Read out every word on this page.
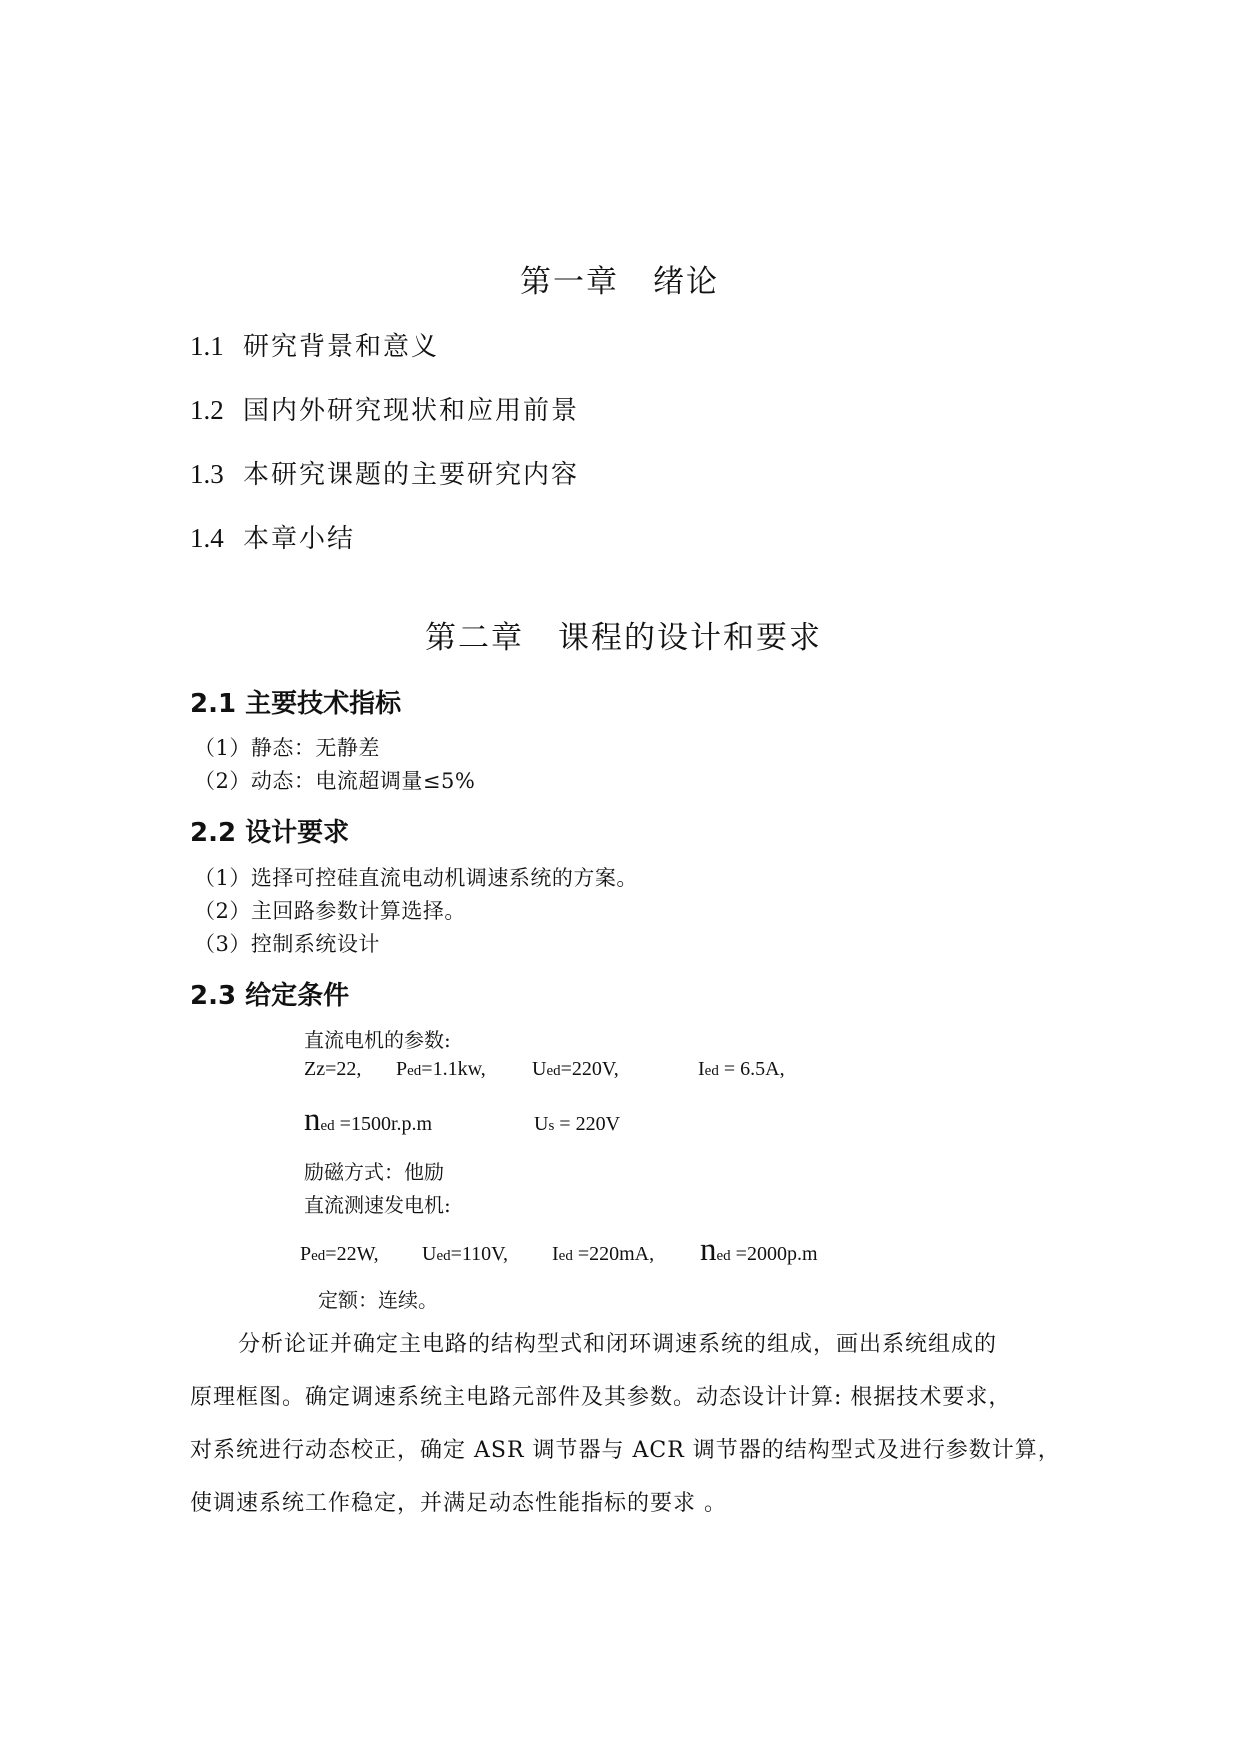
第一章 绪论
1.1 研究背景和意义
1.2 国内外研究现状和应用前景
1.3 本研究课题的主要研究内容
1.4 本章小结
第二章 课程的设计和要求
2.1 主要技术指标
（1）静态：无静差
（2）动态：电流超调量≤5%
2.2 设计要求
（1）选择可控硅直流电动机调速系统的方案。
（2）主回路参数计算选择。
（3）控制系统设计
2.3 给定条件
直流电机的参数:
Zz=22, Ped=1.1kw, Ued=220V,	Ied = 6.5A,
ned =1500r.p.m	Us = 220V
励磁方式：他励
直流测速发电机:
Ped=22W, Ued=110V, Ied =220mA, ned =2000p.m
定额：连续。
分析论证并确定主电路的结构型式和闭环调速系统的组成，画出系统组成的
原理框图。确定调速系统主电路元部件及其参数。动态设计计算: 根据技术要求，
对系统进行动态校正，确定 ASR 调节器与 ACR 调节器的结构型式及进行参数计算，
使调速系统工作稳定，并满足动态性能指标的要求 。
